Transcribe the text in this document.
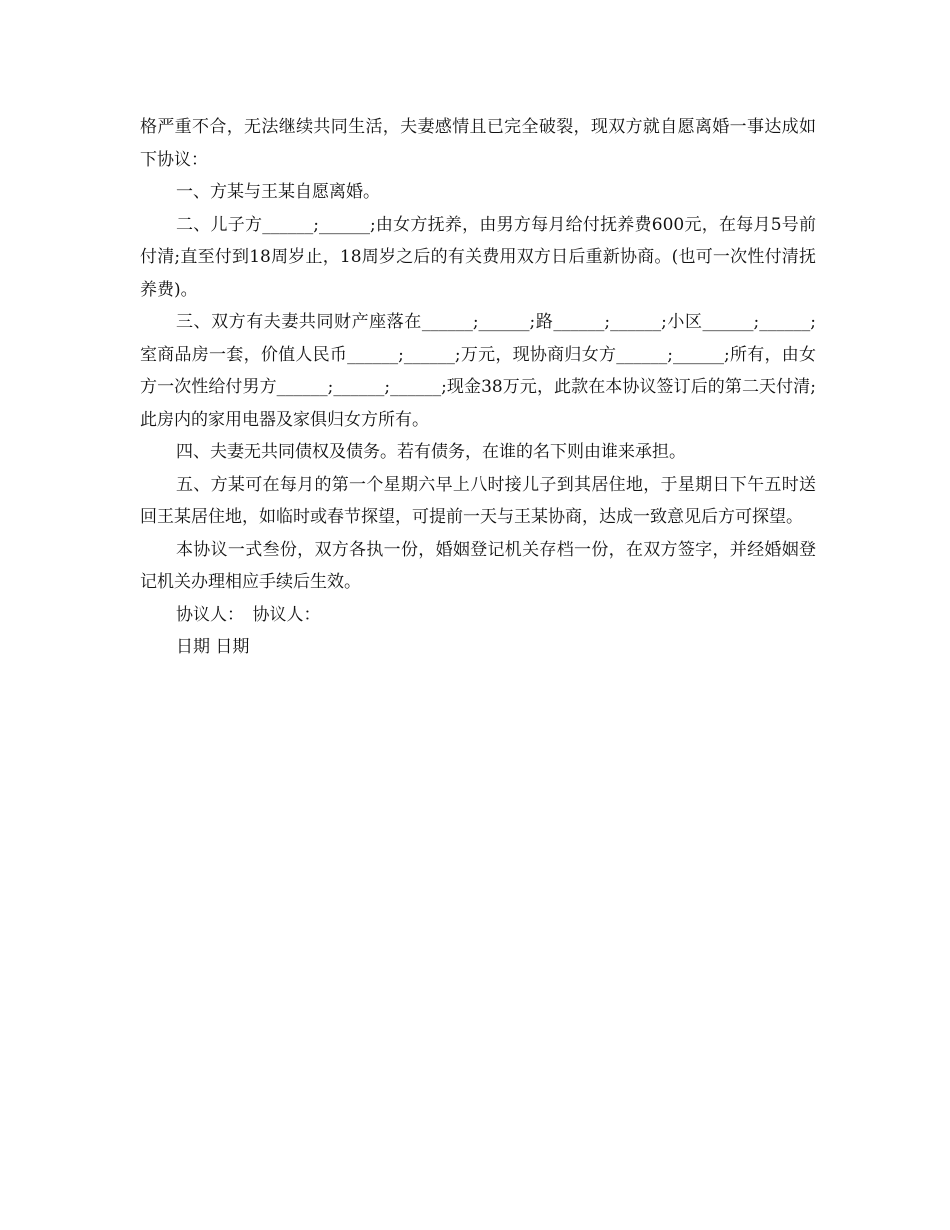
格严重不合，无法继续共同生活，夫妻感情且已完全破裂，现双方就自愿离婚一事达成如下协议：

一、方某与王某自愿离婚。

二、儿子方______;______;由女方抚养，由男方每月给付抚养费600元，在每月5号前付清;直至付到18周岁止，18周岁之后的有关费用双方日后重新协商。(也可一次性付清抚养费)。

三、双方有夫妻共同财产座落在______;______;路______;______;小区______;______;室商品房一套，价值人民币______;______;万元，现协商归女方______;______;所有，由女方一次性给付男方______;______;______;现金38万元，此款在本协议签订后的第二天付清;此房内的家用电器及家俱归女方所有。

四、夫妻无共同债权及债务。若有债务，在谁的名下则由谁来承担。

五、方某可在每月的第一个星期六早上八时接儿子到其居住地，于星期日下午五时送回王某居住地，如临时或春节探望，可提前一天与王某协商，达成一致意见后方可探望。

本协议一式叁份，双方各执一份，婚姻登记机关存档一份，在双方签字，并经婚姻登记机关办理相应手续后生效。

协议人：　协议人：

日期 日期
